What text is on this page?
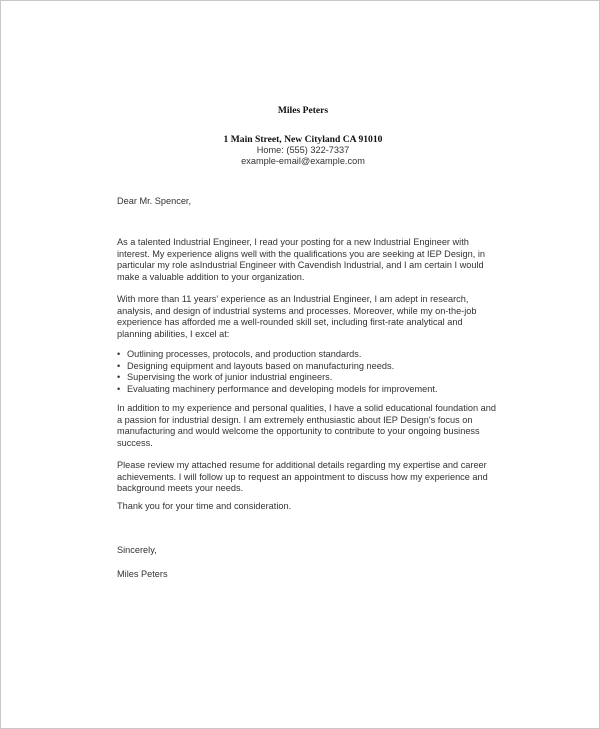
Miles Peters
1 Main Street, New Cityland CA 91010
Home: (555) 322-7337
example-email@example.com
Dear Mr. Spencer,

As a talented Industrial Engineer, I read your posting for a new Industrial Engineer with interest. My experience aligns well with the qualifications you are seeking at IEP Design, in particular my role asIndustrial Engineer with Cavendish Industrial, and I am certain I would make a valuable addition to your organization.

With more than 11 years' experience as an Industrial Engineer, I am adept in research, analysis, and design of industrial systems and processes. Moreover, while my on-the-job experience has afforded me a well-rounded skill set, including first-rate analytical and planning abilities, I excel at:

• Outlining processes, protocols, and production standards.
• Designing equipment and layouts based on manufacturing needs.
• Supervising the work of junior industrial engineers.
• Evaluating machinery performance and developing models for improvement.

In addition to my experience and personal qualities, I have a solid educational foundation and a passion for industrial design. I am extremely enthusiastic about IEP Design's focus on manufacturing and would welcome the opportunity to contribute to your ongoing business success.

Please review my attached resume for additional details regarding my expertise and career achievements. I will follow up to request an appointment to discuss how my experience and background meets your needs.

Thank you for your time and consideration.

Sincerely,
Miles Peters
